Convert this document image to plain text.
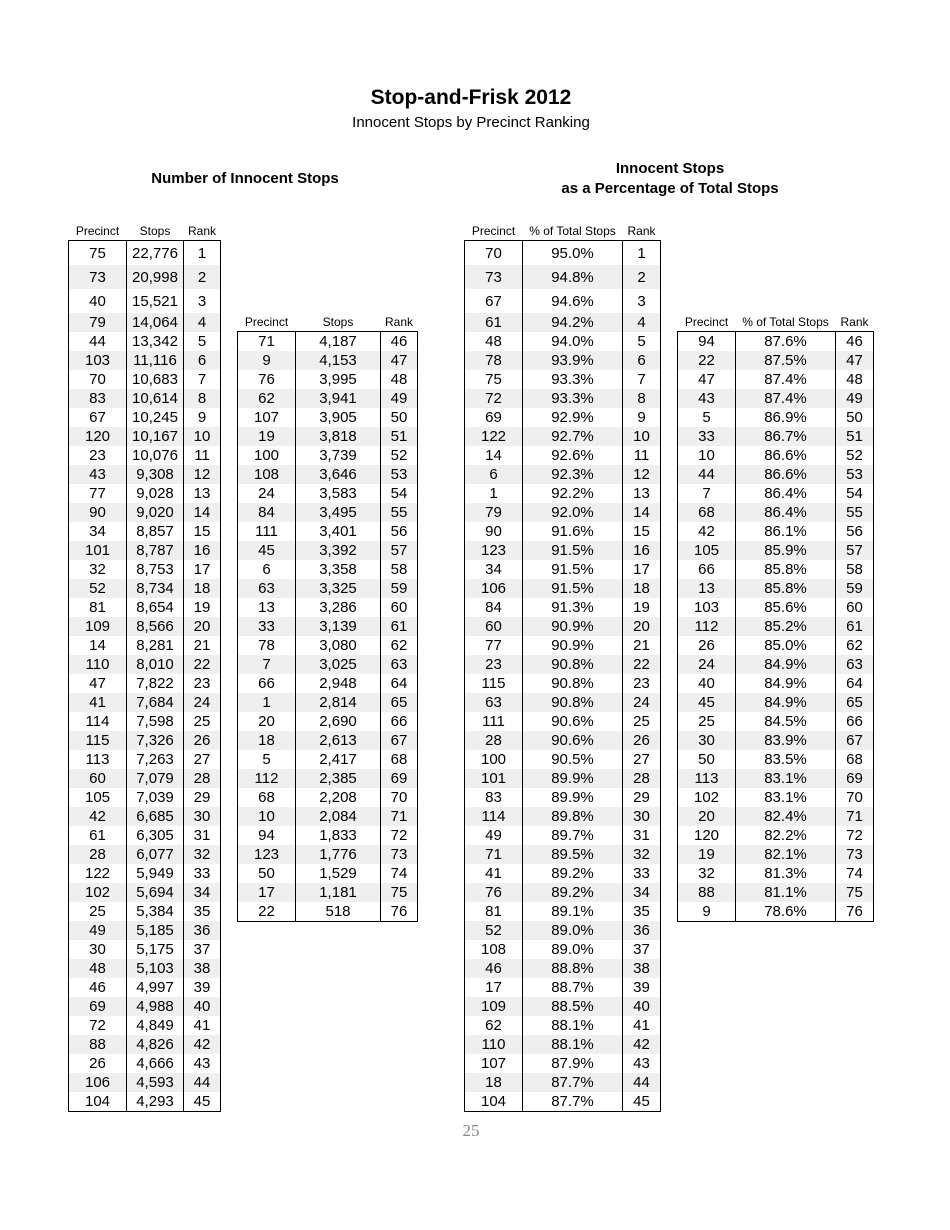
Stop-and-Frisk 2012
Innocent Stops by Precinct Ranking
Number of Innocent Stops
Innocent Stops
as a Percentage of Total Stops
Precinct	Stops	Rank
75	22,776	1
73	20,998	2
40	15,521	3
79	14,064	4
44	13,342	5
103	11,116	6
70	10,683	7
83	10,614	8
67	10,245	9
120	10,167	10
23	10,076	11
43	9,308	12
77	9,028	13
90	9,020	14
34	8,857	15
101	8,787	16
32	8,753	17
52	8,734	18
81	8,654	19
109	8,566	20
14	8,281	21
110	8,010	22
47	7,822	23
41	7,684	24
114	7,598	25
115	7,326	26
113	7,263	27
60	7,079	28
105	7,039	29
42	6,685	30
61	6,305	31
28	6,077	32
122	5,949	33
102	5,694	34
25	5,384	35
49	5,185	36
30	5,175	37
48	5,103	38
46	4,997	39
69	4,988	40
72	4,849	41
88	4,826	42
26	4,666	43
106	4,593	44
104	4,293	45
Precinct	Stops	Rank
71	4,187	46
9	4,153	47
76	3,995	48
62	3,941	49
107	3,905	50
19	3,818	51
100	3,739	52
108	3,646	53
24	3,583	54
84	3,495	55
111	3,401	56
45	3,392	57
6	3,358	58
63	3,325	59
13	3,286	60
33	3,139	61
78	3,080	62
7	3,025	63
66	2,948	64
1	2,814	65
20	2,690	66
18	2,613	67
5	2,417	68
112	2,385	69
68	2,208	70
10	2,084	71
94	1,833	72
123	1,776	73
50	1,529	74
17	1,181	75
22	518	76
Precinct	% of Total Stops	Rank
70	95.0%	1
73	94.8%	2
67	94.6%	3
61	94.2%	4
48	94.0%	5
78	93.9%	6
75	93.3%	7
72	93.3%	8
69	92.9%	9
122	92.7%	10
14	92.6%	11
6	92.3%	12
1	92.2%	13
79	92.0%	14
90	91.6%	15
123	91.5%	16
34	91.5%	17
106	91.5%	18
84	91.3%	19
60	90.9%	20
77	90.9%	21
23	90.8%	22
115	90.8%	23
63	90.8%	24
111	90.6%	25
28	90.6%	26
100	90.5%	27
101	89.9%	28
83	89.9%	29
114	89.8%	30
49	89.7%	31
71	89.5%	32
41	89.2%	33
76	89.2%	34
81	89.1%	35
52	89.0%	36
108	89.0%	37
46	88.8%	38
17	88.7%	39
109	88.5%	40
62	88.1%	41
110	88.1%	42
107	87.9%	43
18	87.7%	44
104	87.7%	45
Precinct	% of Total Stops	Rank
94	87.6%	46
22	87.5%	47
47	87.4%	48
43	87.4%	49
5	86.9%	50
33	86.7%	51
10	86.6%	52
44	86.6%	53
7	86.4%	54
68	86.4%	55
42	86.1%	56
105	85.9%	57
66	85.8%	58
13	85.8%	59
103	85.6%	60
112	85.2%	61
26	85.0%	62
24	84.9%	63
40	84.9%	64
45	84.9%	65
25	84.5%	66
30	83.9%	67
50	83.5%	68
113	83.1%	69
102	83.1%	70
20	82.4%	71
120	82.2%	72
19	82.1%	73
32	81.3%	74
88	81.1%	75
9	78.6%	76
25
